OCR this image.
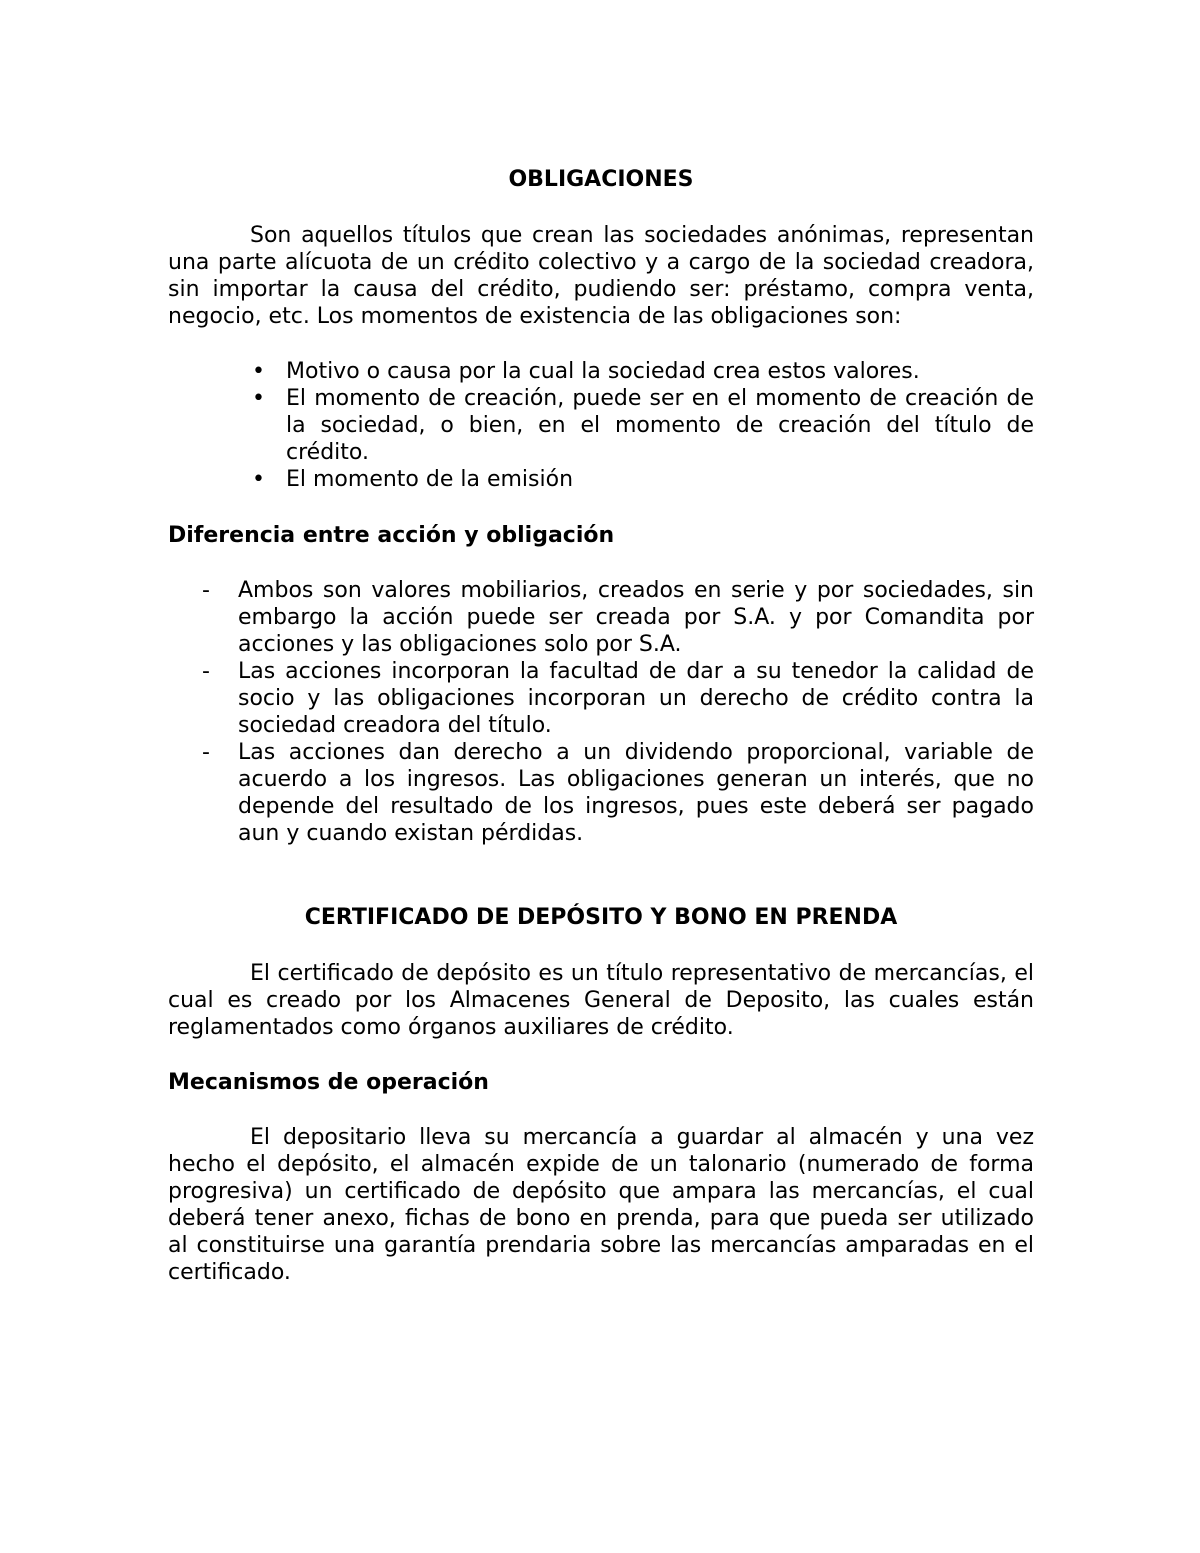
OBLIGACIONES

Son aquellos títulos que crean las sociedades anónimas, representan una parte alícuota de un crédito colectivo y a cargo de la sociedad creadora, sin importar la causa del crédito, pudiendo ser: préstamo, compra venta, negocio, etc. Los momentos de existencia de las obligaciones son:

• Motivo o causa por la cual la sociedad crea estos valores.
• El momento de creación, puede ser en el momento de creación de la sociedad, o bien, en el momento de creación del título de crédito.
• El momento de la emisión
Diferencia entre acción y obligación
-	Ambos son valores mobiliarios, creados en serie y por sociedades, sin embargo la acción puede ser creada por S.A. y por Comandita por acciones y las obligaciones solo por S.A.
-	Las acciones incorporan la facultad de dar a su tenedor la calidad de socio y las obligaciones incorporan un derecho de crédito contra la sociedad creadora del título.
-	Las acciones dan derecho a un dividendo proporcional, variable de acuerdo a los ingresos. Las obligaciones generan un interés, que no depende del resultado de los ingresos, pues este deberá ser pagado aun y cuando existan pérdidas.
CERTIFICADO DE DEPÓSITO Y BONO EN PRENDA

El certificado de depósito es un título representativo de mercancías, el cual es creado por los Almacenes General de Deposito, las cuales están reglamentados como órganos auxiliares de crédito.

Mecanismos de operación

El depositario lleva su mercancía a guardar al almacén y una vez hecho el depósito, el almacén expide de un talonario (numerado de forma progresiva) un certificado de depósito que ampara las mercancías, el cual deberá tener anexo, fichas de bono en prenda, para que pueda ser utilizado al constituirse una garantía prendaria sobre las mercancías amparadas en el certificado.
